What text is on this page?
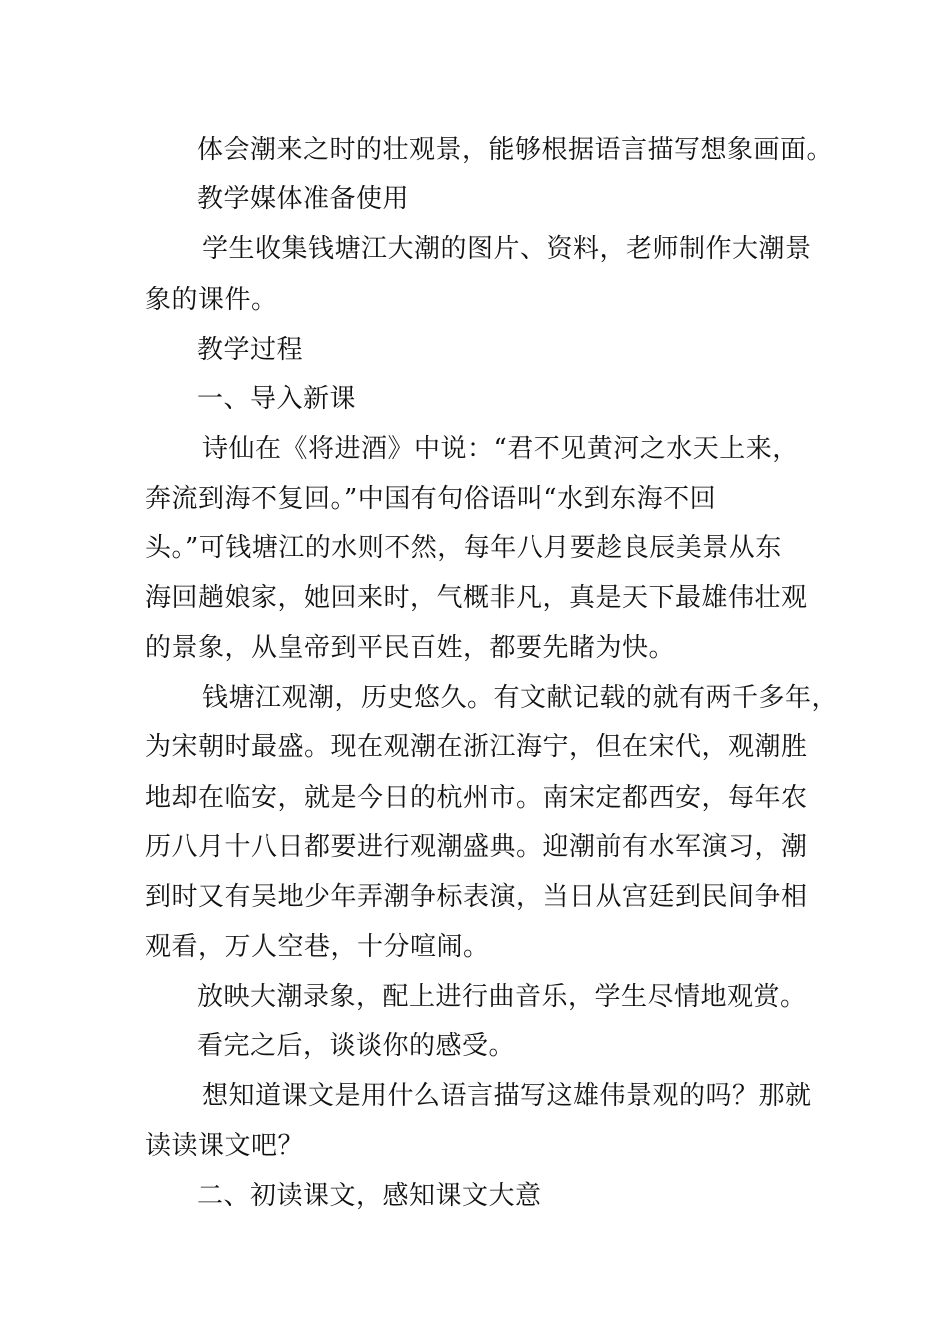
体会潮来之时的壮观景，能够根据语言描写想象画面。
教学媒体准备使用
学生收集钱塘江大潮的图片、资料，老师制作大潮景
象的课件。
教学过程
一、导入新课
诗仙在《将进酒》中说：“君不见黄河之水天上来，
奔流到海不复回。”中国有句俗语叫“水到东海不回
头。”可钱塘江的水则不然，每年八月要趁良辰美景从东
海回趟娘家，她回来时，气概非凡，真是天下最雄伟壮观
的景象，从皇帝到平民百姓，都要先睹为快。
钱塘江观潮，历史悠久。有文献记载的就有两千多年，
为宋朝时最盛。现在观潮在浙江海宁，但在宋代，观潮胜
地却在临安，就是今日的杭州市。南宋定都西安，每年农
历八月十八日都要进行观潮盛典。迎潮前有水军演习，潮
到时又有吴地少年弄潮争标表演，当日从宫廷到民间争相
观看，万人空巷，十分喧闹。
放映大潮录象，配上进行曲音乐，学生尽情地观赏。
看完之后，谈谈你的感受。
想知道课文是用什么语言描写这雄伟景观的吗？那就
读读课文吧？
二、初读课文，感知课文大意
